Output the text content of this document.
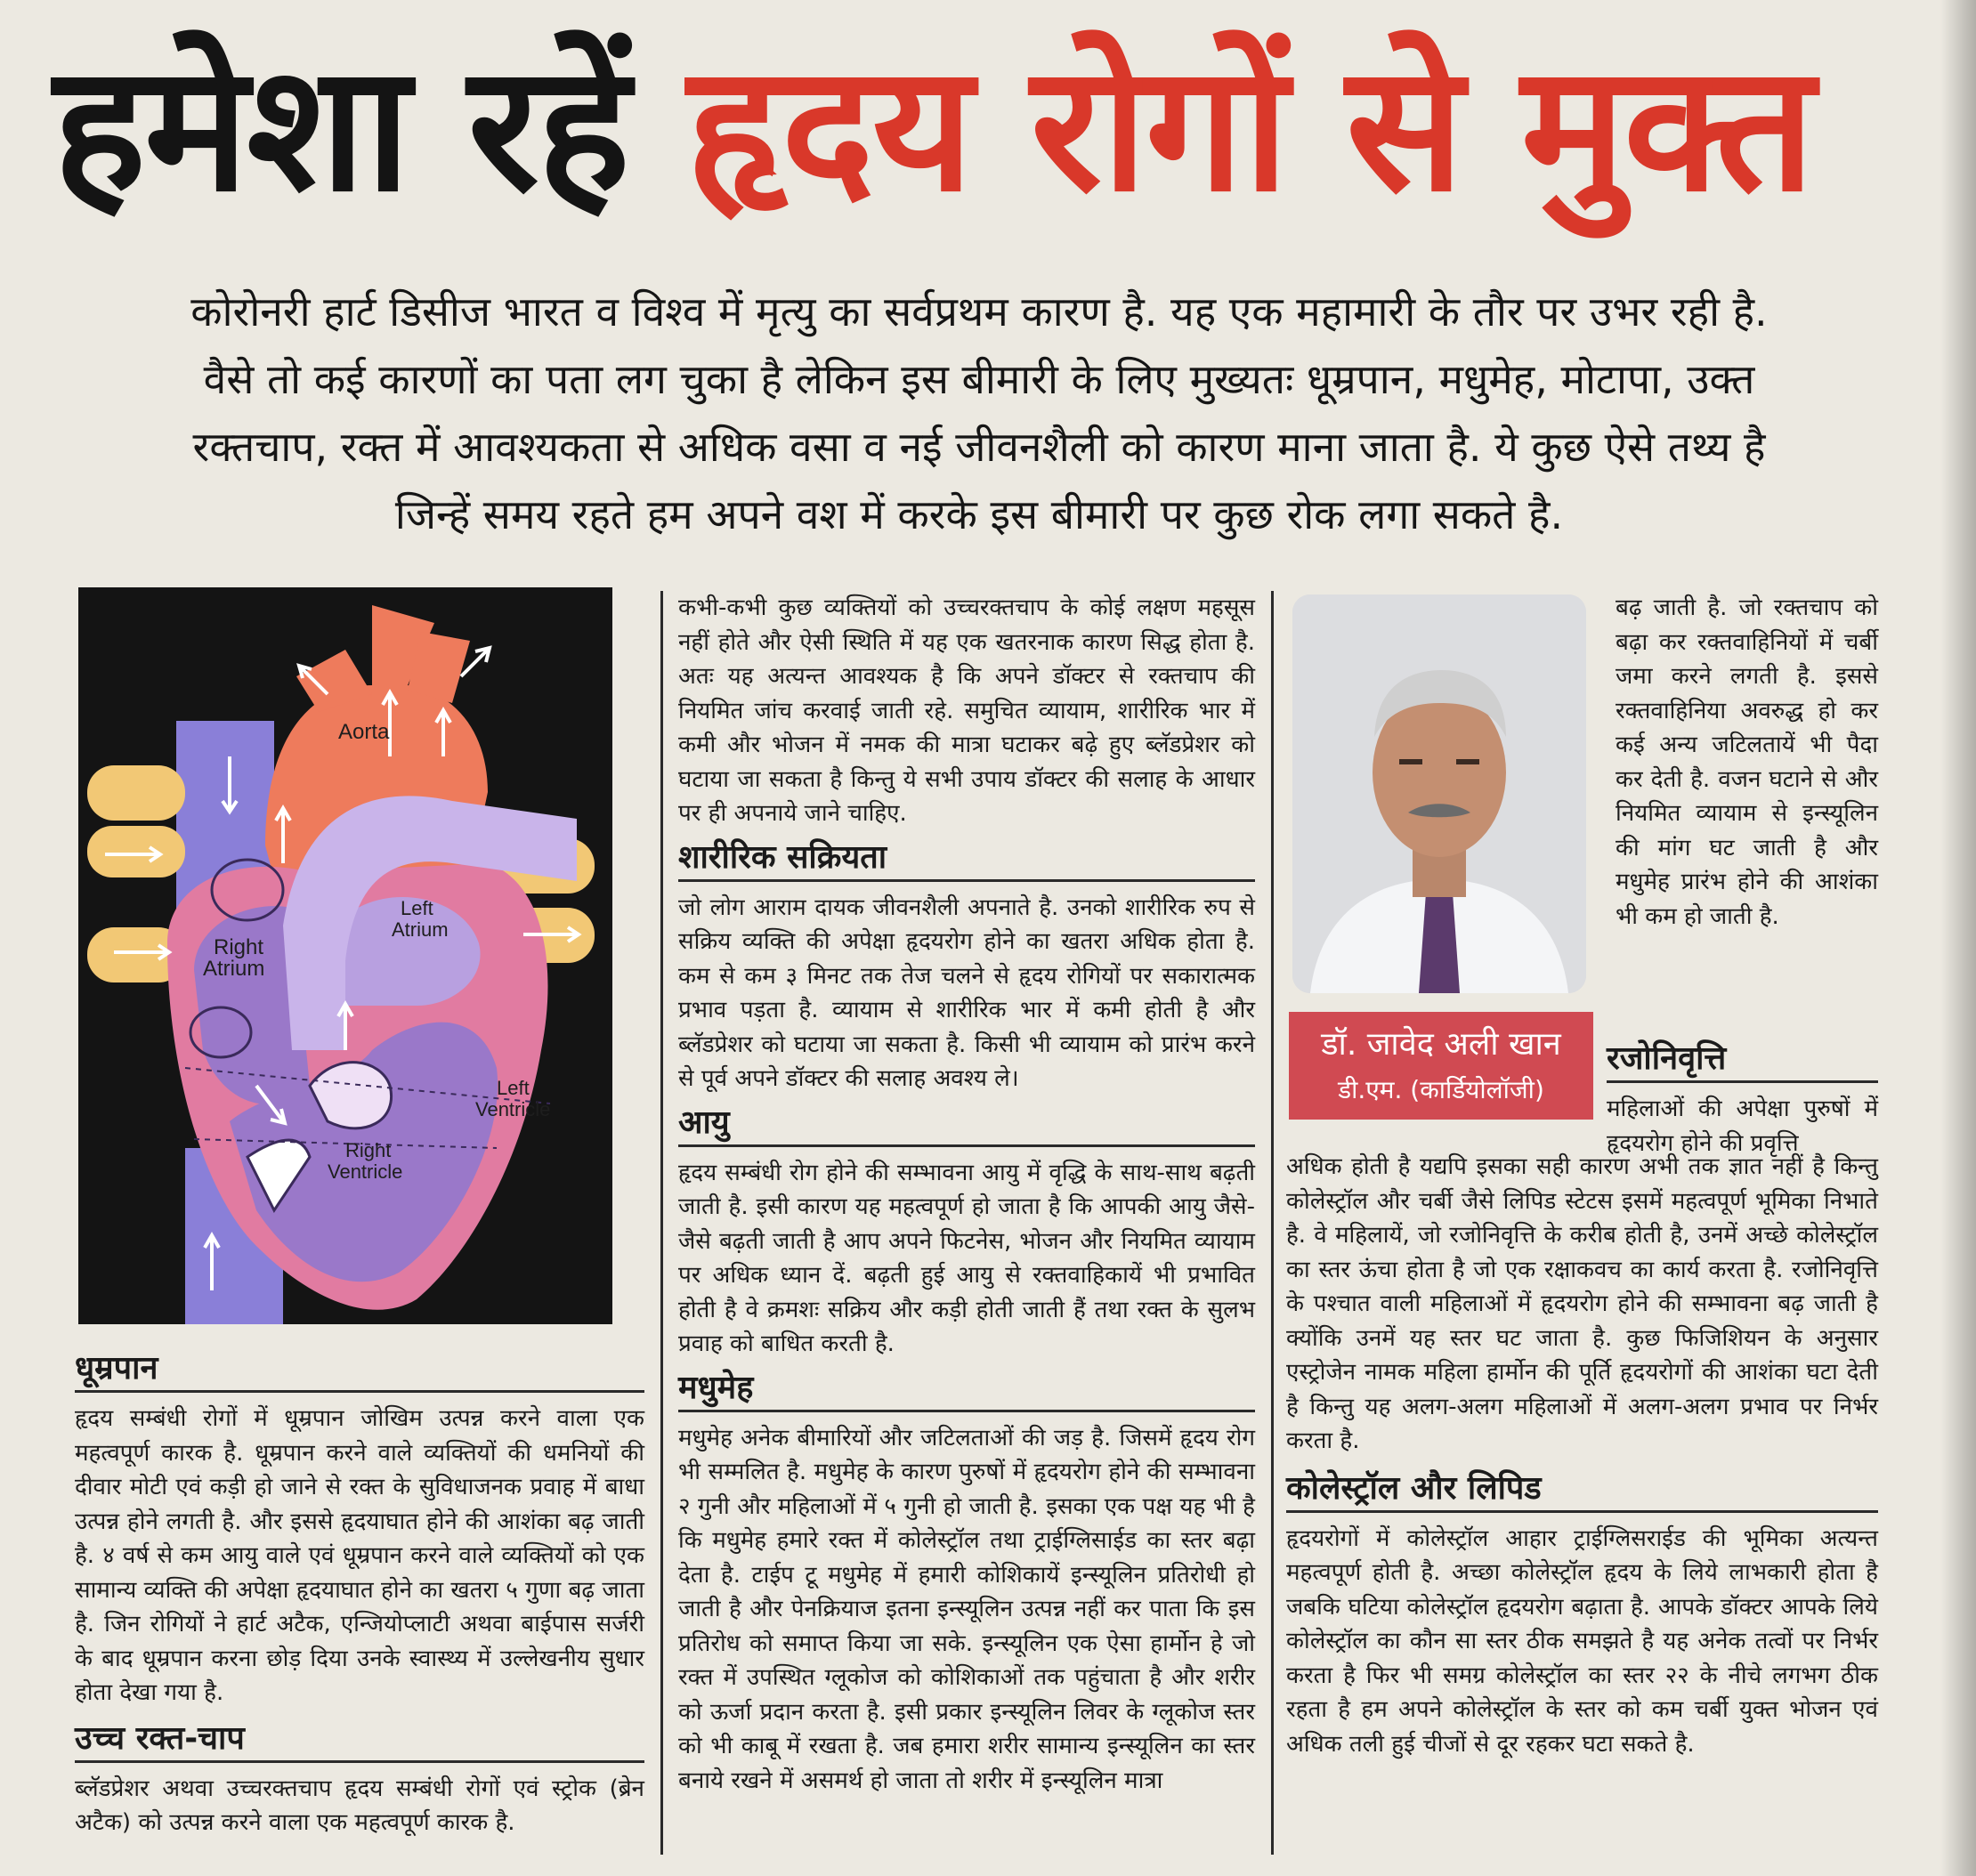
हमेशा रहें हृदय रोगों से मुक्त
कोरोनरी हार्ट डिसीज भारत व विश्व में मृत्यु का सर्वप्रथम कारण है. यह एक महामारी के तौर पर उभर रही है.
वैसे तो कई कारणों का पता लग चुका है लेकिन इस बीमारी के लिए मुख्यतः धूम्रपान, मधुमेह, मोटापा, उक्त
रक्तचाप, रक्त में आवश्यकता से अधिक वसा व नई जीवनशैली को कारण माना जाता है. ये कुछ ऐसे तथ्य है
जिन्हें समय रहते हम अपने वश में करके इस बीमारी पर कुछ रोक लगा सकते है.
Aorta
Left
Atrium
Right
Atrium
Left
Ventricle
Right
Ventricle
धूम्रपान

हृदय सम्बंधी रोगों में धूम्रपान जोखिम उत्पन्न करने वाला एक महत्वपूर्ण कारक है. धूम्रपान करने वाले व्यक्तियों की धमनियों की दीवार मोटी एवं कड़ी हो जाने से रक्त के सुविधाजनक प्रवाह में बाधा उत्पन्न होने लगती है. और इससे हृदयाघात होने की आशंका बढ़ जाती है. ४ वर्ष से कम आयु वाले एवं धूम्रपान करने वाले व्यक्तियों को एक सामान्य व्यक्ति की अपेक्षा हृदयाघात होने का खतरा ५ गुणा बढ़ जाता है. जिन रोगियों ने हार्ट अटैक, एन्जियोप्लाटी अथवा बाईपास सर्जरी के बाद धूम्रपान करना छोड़ दिया उनके स्वास्थ्य में उल्लेखनीय सुधार होता देखा गया है.

उच्च रक्त-चाप

ब्लॅडप्रेशर अथवा उच्चरक्तचाप हृदय सम्बंधी रोगों एवं स्ट्रोक (ब्रेन अटैक) को उत्पन्न करने वाला एक महत्वपूर्ण कारक है.

कभी-कभी कुछ व्यक्तियों को उच्चरक्तचाप के कोई लक्षण महसूस नहीं होते और ऐसी स्थिति में यह एक खतरनाक कारण सिद्ध होता है. अतः यह अत्यन्त आवश्यक है कि अपने डॉक्टर से रक्तचाप की नियमित जांच करवाई जाती रहे. समुचित व्यायाम, शारीरिक भार में कमी और भोजन में नमक की मात्रा घटाकर बढ़े हुए ब्लॅडप्रेशर को घटाया जा सकता है किन्तु ये सभी उपाय डॉक्टर की सलाह के आधार पर ही अपनाये जाने चाहिए.

शारीरिक सक्रियता

जो लोग आराम दायक जीवनशैली अपनाते है. उनको शारीरिक रुप से सक्रिय व्यक्ति की अपेक्षा हृदयरोग होने का खतरा अधिक होता है. कम से कम ३ मिनट तक तेज चलने से हृदय रोगियों पर सकारात्मक प्रभाव पड़ता है. व्यायाम से शारीरिक भार में कमी होती है और ब्लॅडप्रेशर को घटाया जा सकता है. किसी भी व्यायाम को प्रारंभ करने से पूर्व अपने डॉक्टर की सलाह अवश्य ले।

आयु

हृदय सम्बंधी रोग होने की सम्भावना आयु में वृद्धि के साथ-साथ बढ़ती जाती है. इसी कारण यह महत्वपूर्ण हो जाता है कि आपकी आयु जैसे-जैसे बढ़ती जाती है आप अपने फिटनेस, भोजन और नियमित व्यायाम पर अधिक ध्यान दें. बढ़ती हुई आयु से रक्तवाहिकायें भी प्रभावित होती है वे क्रमशः सक्रिय और कड़ी होती जाती हैं तथा रक्त के सुलभ प्रवाह को बाधित करती है.

मधुमेह

मधुमेह अनेक बीमारियों और जटिलताओं की जड़ है. जिसमें हृदय रोग भी सम्मलित है. मधुमेह के कारण पुरुषों में हृदयरोग होने की सम्भावना २ गुनी और महिलाओं में ५ गुनी हो जाती है. इसका एक पक्ष यह भी है कि मधुमेह हमारे रक्त में कोलेस्ट्रॉल तथा ट्राईग्लिसाईड का स्तर बढ़ा देता है. टाईप टू मधुमेह में हमारी कोशिकायें इन्स्यूलिन प्रतिरोधी हो जाती है और पेनक्रियाज इतना इन्स्यूलिन उत्पन्न नहीं कर पाता कि इस प्रतिरोध को समाप्त किया जा सके. इन्स्यूलिन एक ऐसा हार्मोन हे जो रक्त में उपस्थित ग्लूकोज को कोशिकाओं तक पहुंचाता है और शरीर को ऊर्जा प्रदान करता है. इसी प्रकार इन्स्यूलिन लिवर के ग्लूकोज स्तर को भी काबू में रखता है. जब हमारा शरीर सामान्य इन्स्यूलिन का स्तर बनाये रखने में असमर्थ हो जाता तो शरीर में इन्स्यूलिन मात्रा

डॉ. जावेद अली खान
डी.एम. (कार्डियोलॉजी)

बढ़ जाती है. जो रक्तचाप को बढ़ा कर रक्तवाहिनियों में चर्बी जमा करने लगती है. इससे रक्तवाहिनिया अवरुद्ध हो कर कई अन्य जटिलतायें भी पैदा कर देती है. वजन घटाने से और नियमित व्यायाम से इन्स्यूलिन की मांग घट जाती है और मधुमेह प्रारंभ होने की आशंका भी कम हो जाती है.

रजोनिवृत्ति

महिलाओं की अपेक्षा पुरुषों में हृदयरोग होने की प्रवृत्ति

अधिक होती है यद्यपि इसका सही कारण अभी तक ज्ञात नहीं है किन्तु कोलेस्ट्रॉल और चर्बी जैसे लिपिड स्टेटस इसमें महत्वपूर्ण भूमिका निभाते है. वे महिलायें, जो रजोनिवृत्ति के करीब होती है, उनमें अच्छे कोलेस्ट्रॉल का स्तर ऊंचा होता है जो एक रक्षाकवच का कार्य करता है. रजोनिवृत्ति के पश्चात वाली महिलाओं में हृदयरोग होने की सम्भावना बढ़ जाती है क्योंकि उनमें यह स्तर घट जाता है. कुछ फिजिशियन के अनुसार एस्ट्रोजेन नामक महिला हार्मोन की पूर्ति हृदयरोगों की आशंका घटा देती है किन्तु यह अलग-अलग महिलाओं में अलग-अलग प्रभाव पर निर्भर करता है.

कोलेस्ट्रॉल और लिपिड

हृदयरोगों में कोलेस्ट्रॉल आहार ट्राईग्लिसराईड की भूमिका अत्यन्त महत्वपूर्ण होती है. अच्छा कोलेस्ट्रॉल हृदय के लिये लाभकारी होता है जबकि घटिया कोलेस्ट्रॉल हृदयरोग बढ़ाता है. आपके डॉक्टर आपके लिये कोलेस्ट्रॉल का कौन सा स्तर ठीक समझते है यह अनेक तत्वों पर निर्भर करता है फिर भी समग्र कोलेस्ट्रॉल का स्तर २२ के नीचे लगभग ठीक रहता है हम अपने कोलेस्ट्रॉल के स्तर को कम चर्बी युक्त भोजन एवं अधिक तली हुई चीजों से दूर रहकर घटा सकते है.
